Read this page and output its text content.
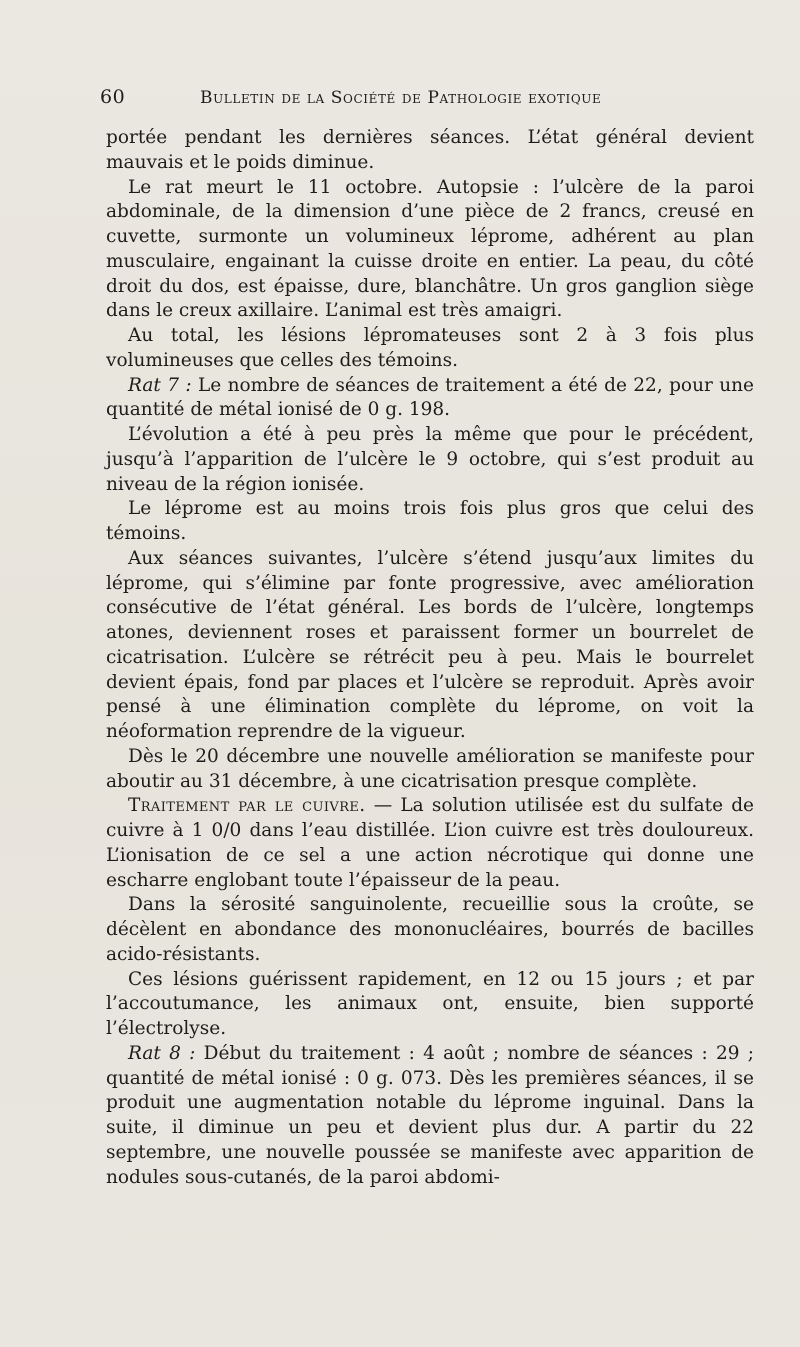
60	Bulletin de la Société de Pathologie exotique

portée pendant les dernières séances. L’état général devient mauvais et le poids diminue.

Le rat meurt le 11 octobre. Autopsie : l’ulcère de la paroi abdominale, de la dimension d’une pièce de 2 francs, creusé en cuvette, surmonte un volumineux léprome, adhérent au plan musculaire, engainant la cuisse droite en entier. La peau, du côté droit du dos, est épaisse, dure, blanchâtre. Un gros ganglion siège dans le creux axillaire. L’animal est très amaigri.

Au total, les lésions lépromateuses sont 2 à 3 fois plus volumineuses que celles des témoins.

Rat 7 : Le nombre de séances de traitement a été de 22, pour une quantité de métal ionisé de 0 g. 198.

L’évolution a été à peu près la même que pour le précédent, jusqu’à l’apparition de l’ulcère le 9 octobre, qui s’est produit au niveau de la région ionisée.

Le léprome est au moins trois fois plus gros que celui des témoins.

Aux séances suivantes, l’ulcère s’étend jusqu’aux limites du léprome, qui s’élimine par fonte progressive, avec amélioration consécutive de l’état général. Les bords de l’ulcère, longtemps atones, deviennent roses et paraissent former un bourrelet de cicatrisation. L’ulcère se rétrécit peu à peu. Mais le bourrelet devient épais, fond par places et l’ulcère se reproduit. Après avoir pensé à une élimination complète du léprome, on voit la néoformation reprendre de la vigueur.

Dès le 20 décembre une nouvelle amélioration se manifeste pour aboutir au 31 décembre, à une cicatrisation presque complète.

Traitement par le cuivre. — La solution utilisée est du sulfate de cuivre à 1 0/0 dans l’eau distillée. L’ion cuivre est très douloureux. L’ionisation de ce sel a une action nécrotique qui donne une escharre englobant toute l’épaisseur de la peau.

Dans la sérosité sanguinolente, recueillie sous la croûte, se décèlent en abondance des mononucléaires, bourrés de bacilles acido-résistants.

Ces lésions guérissent rapidement, en 12 ou 15 jours ; et par l’accoutumance, les animaux ont, ensuite, bien supporté l’électrolyse.

Rat 8 : Début du traitement : 4 août ; nombre de séances : 29 ; quantité de métal ionisé : 0 g. 073. Dès les premières séances, il se produit une augmentation notable du léprome inguinal. Dans la suite, il diminue un peu et devient plus dur. A partir du 22 septembre, une nouvelle poussée se manifeste avec apparition de nodules sous-cutanés, de la paroi abdomi-
